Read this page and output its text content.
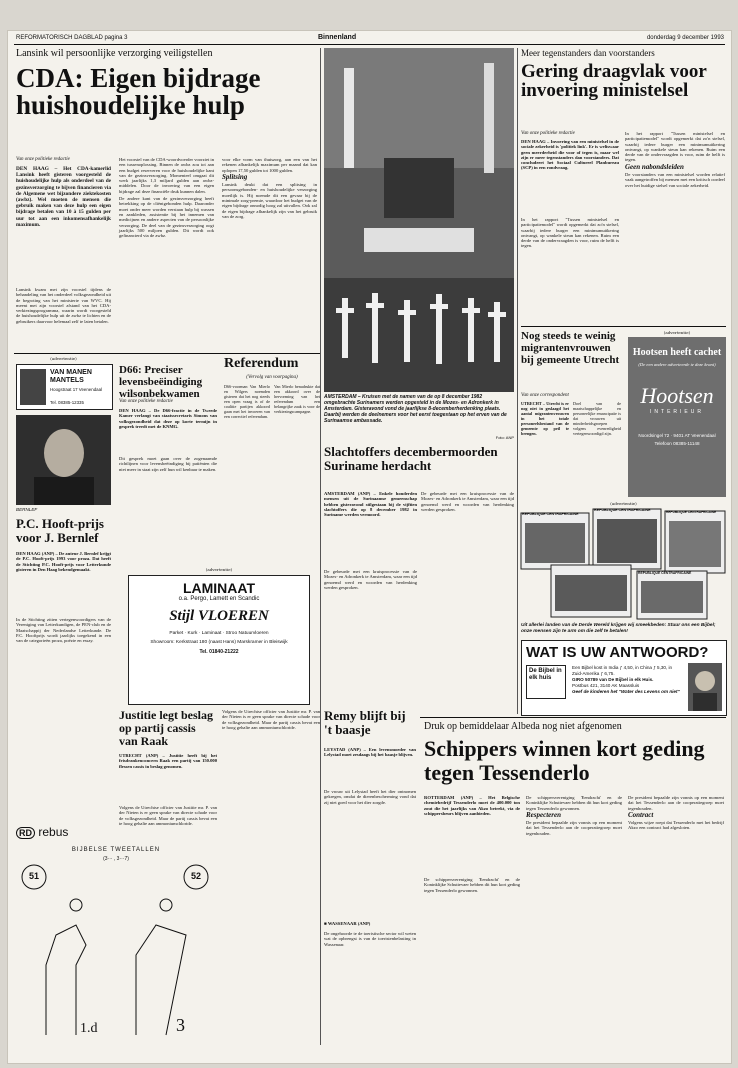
REFORMATORISCH DAGBLAD pagina 3	Binnenland	donderdag 9 december 1993
Lansink wil persoonlijke verzorging veiligstellen
CDA: Eigen bijdrage huishoudelijke hulp
Van onze politieke redactie
DEN HAAG – Het CDA-kamerlid Lansink heeft gisteren voorgesteld de huishoudelijke hulp als onderdeel van de gezinsverzorging te bijven financieren via de Algemene wet bijzondere ziektekosten (awbz). Wel moeten de mensen die gebruik maken van deze hulp een eigen bijdrage betalen van 10 à 15 gulden per uur tot aan een inkomensafhankelijk maximum.
Lansink kwam met zijn voorstel tijdens de behandeling van het onderdeel volksgezondheid uit de begroting van het ministerie van WVC. Hij meent met zijn voorstel afstand van het CDA-verkiezingsprogramma, waarin wordt voorgesteld de huishoudelijke hulp uit de awbz te lichten en de gebruikers daarvoor helemaal zelf te laten betalen.

Het voorstel van de CDA-woordvoerder voorziet in een tussenoplossing. Binnen de awbz zou tot aan een budget reserveren voor de huishoudelijke kant van de gezinsverzorging. Momenteel omgaat dit werk jaarlijks 1,3 miljard gulden aan awbz-middelen. Door de invoering van een eigen bijdrage zal deze financiële druk kunnen dalen.

De andere kant van de gezinsverzorging heeft betrekking op de cliëntgebonden hulp. Daaronder moet onder meer worden verstaan hulp bij wassen en aankleden, assistentie bij het innemen van medicijnen en andere aspecten van de persoonlijke verzorging. De deel van de gezinsverzorging oogt jaarlijks 500 miljoen gulden. Dit wordt ook gefinancierd via de awbz.

voor elke vorm van thuiszorg, aan een van het rekenen afhankelijk maximum per maand dat kan oplopen 17,50 gulden tot 1000 gulden.

Splitsing

Lansink deukt dat een splitsing in persoonsgebonden- en huishoudelijke verzorging moeilijk is. Hij noemde dit een gevaar bij de minimale zorg-premie, waardoor het budget van de eigen bijdrage onnodig hoog zal uitvallen. Ook zal de eigen bijdrage afhankelijk zijn van het gebruik van de zorg.

AMSTERDAM – Kruisen met de namen van de op 8 december 1982 omgebrachte Surinamers werden opgesteld in de Mozes- en Adronkerk in Amsterdam. Gisteravond vond de jaarlijkse 8-decemberherdenking plaats. Daarbij werden de deelnemers voor het eerst toegestaan op het erven van de Surinaamse ambassade.
Foto: ANP
Meer tegenstanders dan voorstanders
Gering draagvlak voor invoering ministelsel
Van onze politieke redactie
DEN HAAG – Invoering van een ministelsel in de sociale zekerheid is 'politiek link'. Er is weliswaar geen meerderheid die voor of tegen is, maar wel zijn er meer tegenstanders dan voorstanders. Dat concludeert het Sociaal Cultureel Planbureau (SCP) in een rondvraag.
In het rapport "Tussen ministelsel en participatiemodel" wordt opgemerkt dat zo'n stelsel, waarbij iedere burger een minimumuitkering ontvangt, op wankele steun kan rekenen. Ruim een derde van de ondervraagden is voor, ruim de helft is tegen.

In het rapport "Tussen ministelsel en participatiemodel" wordt opgemerkt dat zo'n stelsel, waarbij iedere burger een minimumuitkering ontvangt, op wankele steun kan rekenen. Ruim een derde van de ondervraagden is voor, ruim de helft is tegen.

Geen nabondsleiden

De voorstanders van een ministelsel worden relatief vaak aangetroffen bij mensen met een kritisch oordeel over het huidige stelsel van sociale zekerheid.

Nog steeds te weinig migrantenvrouwen bij gemeente Utrecht
Van onze correspondent
UTRECHT – Utrecht is er nog niet in geslaagd het aantal migrantenvrouwen in het totale personeelsbestand van de gemeente op peil te brengen.
Doel van de maatschappelijke en personeelijke emancipatie is dat vrouwen uit minderheidsgroepen volgens evenredigheid vertegenwoordigd zijn.
(advertentie)
Hootsen heeft cachet
(De een andere adverteerde te deze krant)
Hootsen
INTERIEUR
Noordsingel 72 · 9401 AT Veenendaal
Telefoon 08385-11148
(advertentie)
REPUBLIQUE CENTRAFRICAINE
REPUBLIQUE CENTRAFRICAINE	REPUBLIQUE CENTRAFRICAINE
REPUBLIQUE CENTRAFRICAINE
Uit allerlei landen van de Derde Wereld krijgen wij smeekbeden: Stuur ons een Bijbel; onze mensen zijn te arm om die zelf te betalen!
WAT IS UW ANTWOORD?
De Bijbel in elk huis
Een Bijbel kost in India ƒ 4,50, in China ƒ 5,30, in Zuid-Amerika ƒ 6,75.
GIRO 50789 van De Bijbel in elk Huis.
Postbus 421, 3140 AK Maassluis
Geef de kinderen het "Water des Levens om niet"
D66: Preciser levensbeëindiging wilsonbekwamen
Van onze politieke redactie
DEN HAAG – De D66-fractie in de Tweede Kamer verlangt van staatssecretaris Simons van volksgezondheid dat deze op korte termijn in gesprek treedt met de KNMG.
Dit gesprek moet gaan over de zogenaamde richtlijnen voor levensbeëindiging bij patiënten die niet meer in staat zijn zelf hun wil kenbaar te maken.
Referendum
(Vervolg van voorpagina)
D66-voorman Van Mierlo en Wilgers noemden gisteren dat het nog steeds een open vraag is of de coalitie partijen akkoord gaan met het invoeren van een correctief referendum.
Van Mierlo benadrukte dat een akkoord over de hervorming van het referendum een belangrijke zaak is voor de verkiezingscampagne.
Slachtoffers decembermoorden Suriname herdacht
AMSTERDAM (ANP) – Enkele honderden mensen uit de Surinaamse gemeenschap hebben gisteravond stilgestaan bij de vijftien slachtoffers die op 8 december 1982 in Suriname werden vermoord.
De gebeurde met een kruisprocessie van de Mozes- en Adronkerk te Amsterdam, waar een tijd genoemd werd en woorden van herdenking werden gesproken.
De gebeurde met een kruisprocessie van de Mozes- en Adronkerk te Amsterdam, waar een tijd genoemd werd en woorden van herdenking werden gesproken.
(advertentie)
VAN MANEN MANTELS
Hoogstraat 17 Veenendaal
Tel. 08385-12335
BERNLEF
P.C. Hooft-prijs voor J. Bernlef
DEN HAAG (ANP) – De auteur J. Bernlef krijgt de P.C. Hooft-prijs 1993 voor proza. Dat heeft de Stichting P.C. Hooft-prijs voor Letterkunde gisteren in Den Haag bekendgemaakt.
In de Stichting zitten vertegenwoordigers van de Vereniging van Letterkundigen, de PEN-club en de Maatschappij der Nederlandse Letterkunde. De P.C. Hooftprijs wordt jaarlijks toegekend in een van de categorieën proza, poëzie en essay.
(advertentie)
LAMINAAT
o.a. Pergo, Lamett en Scandic
Stijl VLOEREN
Parket · Kurk · Laminaat · Stroo Natuurvloeren
Showroom: Kerkstraat 180 (naast Hans) Marskramer in Bleiswijk
Tel. 01840-21222
Justitie legt beslag op partij cassis van Raak
UTRECHT (ANP) – Justitie heeft bij het frisdrankenconcern Raak een partij van 150.000 flessen cassis in beslag genomen.
Volgens de Utrechtse officier van Justitie mr. P. van der Nieten is er geen sprake van directe schade voor de volksgezondheid. Maar de partij cassis bevat een te hoog gehalte aan ammoniumchloride.
Volgens de Utrechtse officier van Justitie mr. P. van der Nieten is er geen sprake van directe schade voor de volksgezondheid. Maar de partij cassis bevat een te hoog gehalte aan ammoniumchloride.
Remy blijft bij 't baasje
LEYSTAD (ANP) – Een levensmoeder van Lelystad moet zesdaags bij het baasje blijven.
De vrouw uit Lelystad heeft het dier ontnomen gekregen, omdat de dierenbescherming vond dat zij niet goed voor het dier zorgde.
■ WASSENAAR (ANP)
De ongehoorde te de toeristische sector wil weten wat de opbrengst is van de toeristenbelasting in Wassenaar.
Druk op bemiddelaar Albeda nog niet afgenomen
Schippers winnen kort geding tegen Tessenderlo
ROTTERDAM (ANP) – Het Belgische chemiebedrijf Tessenderlo moet de 400.000 ton zout die het jaarlijks van Akzo betrekt, via de schippersbeurs blijven aanbieden.
De schippersvereniging 'Eendracht' en de Koninklijke Schuttevaer hebben dit hun kort geding tegen Tessenderlo gewonnen.

De schippersvereniging 'Eendracht' en de Koninklijke Schuttevaer hebben dit hun kort geding tegen Tessenderlo gewonnen.

Respecteren

De president bepaalde zijn vonnis op een moment dat het Tessenderlo aan de cooperatiegroep moet tegenhouden.

De president bepaalde zijn vonnis op een moment dat het Tessenderlo aan de cooperatiegroep moet tegenhouden.

Contract

Volgens wijze roept dat Tessenderlo met het bedrijf Akzo een contract had afgesloten.

RD rebus
BIJBELSE TWEETALLEN
(3··· , 3···7)
51	52
1.d	3
